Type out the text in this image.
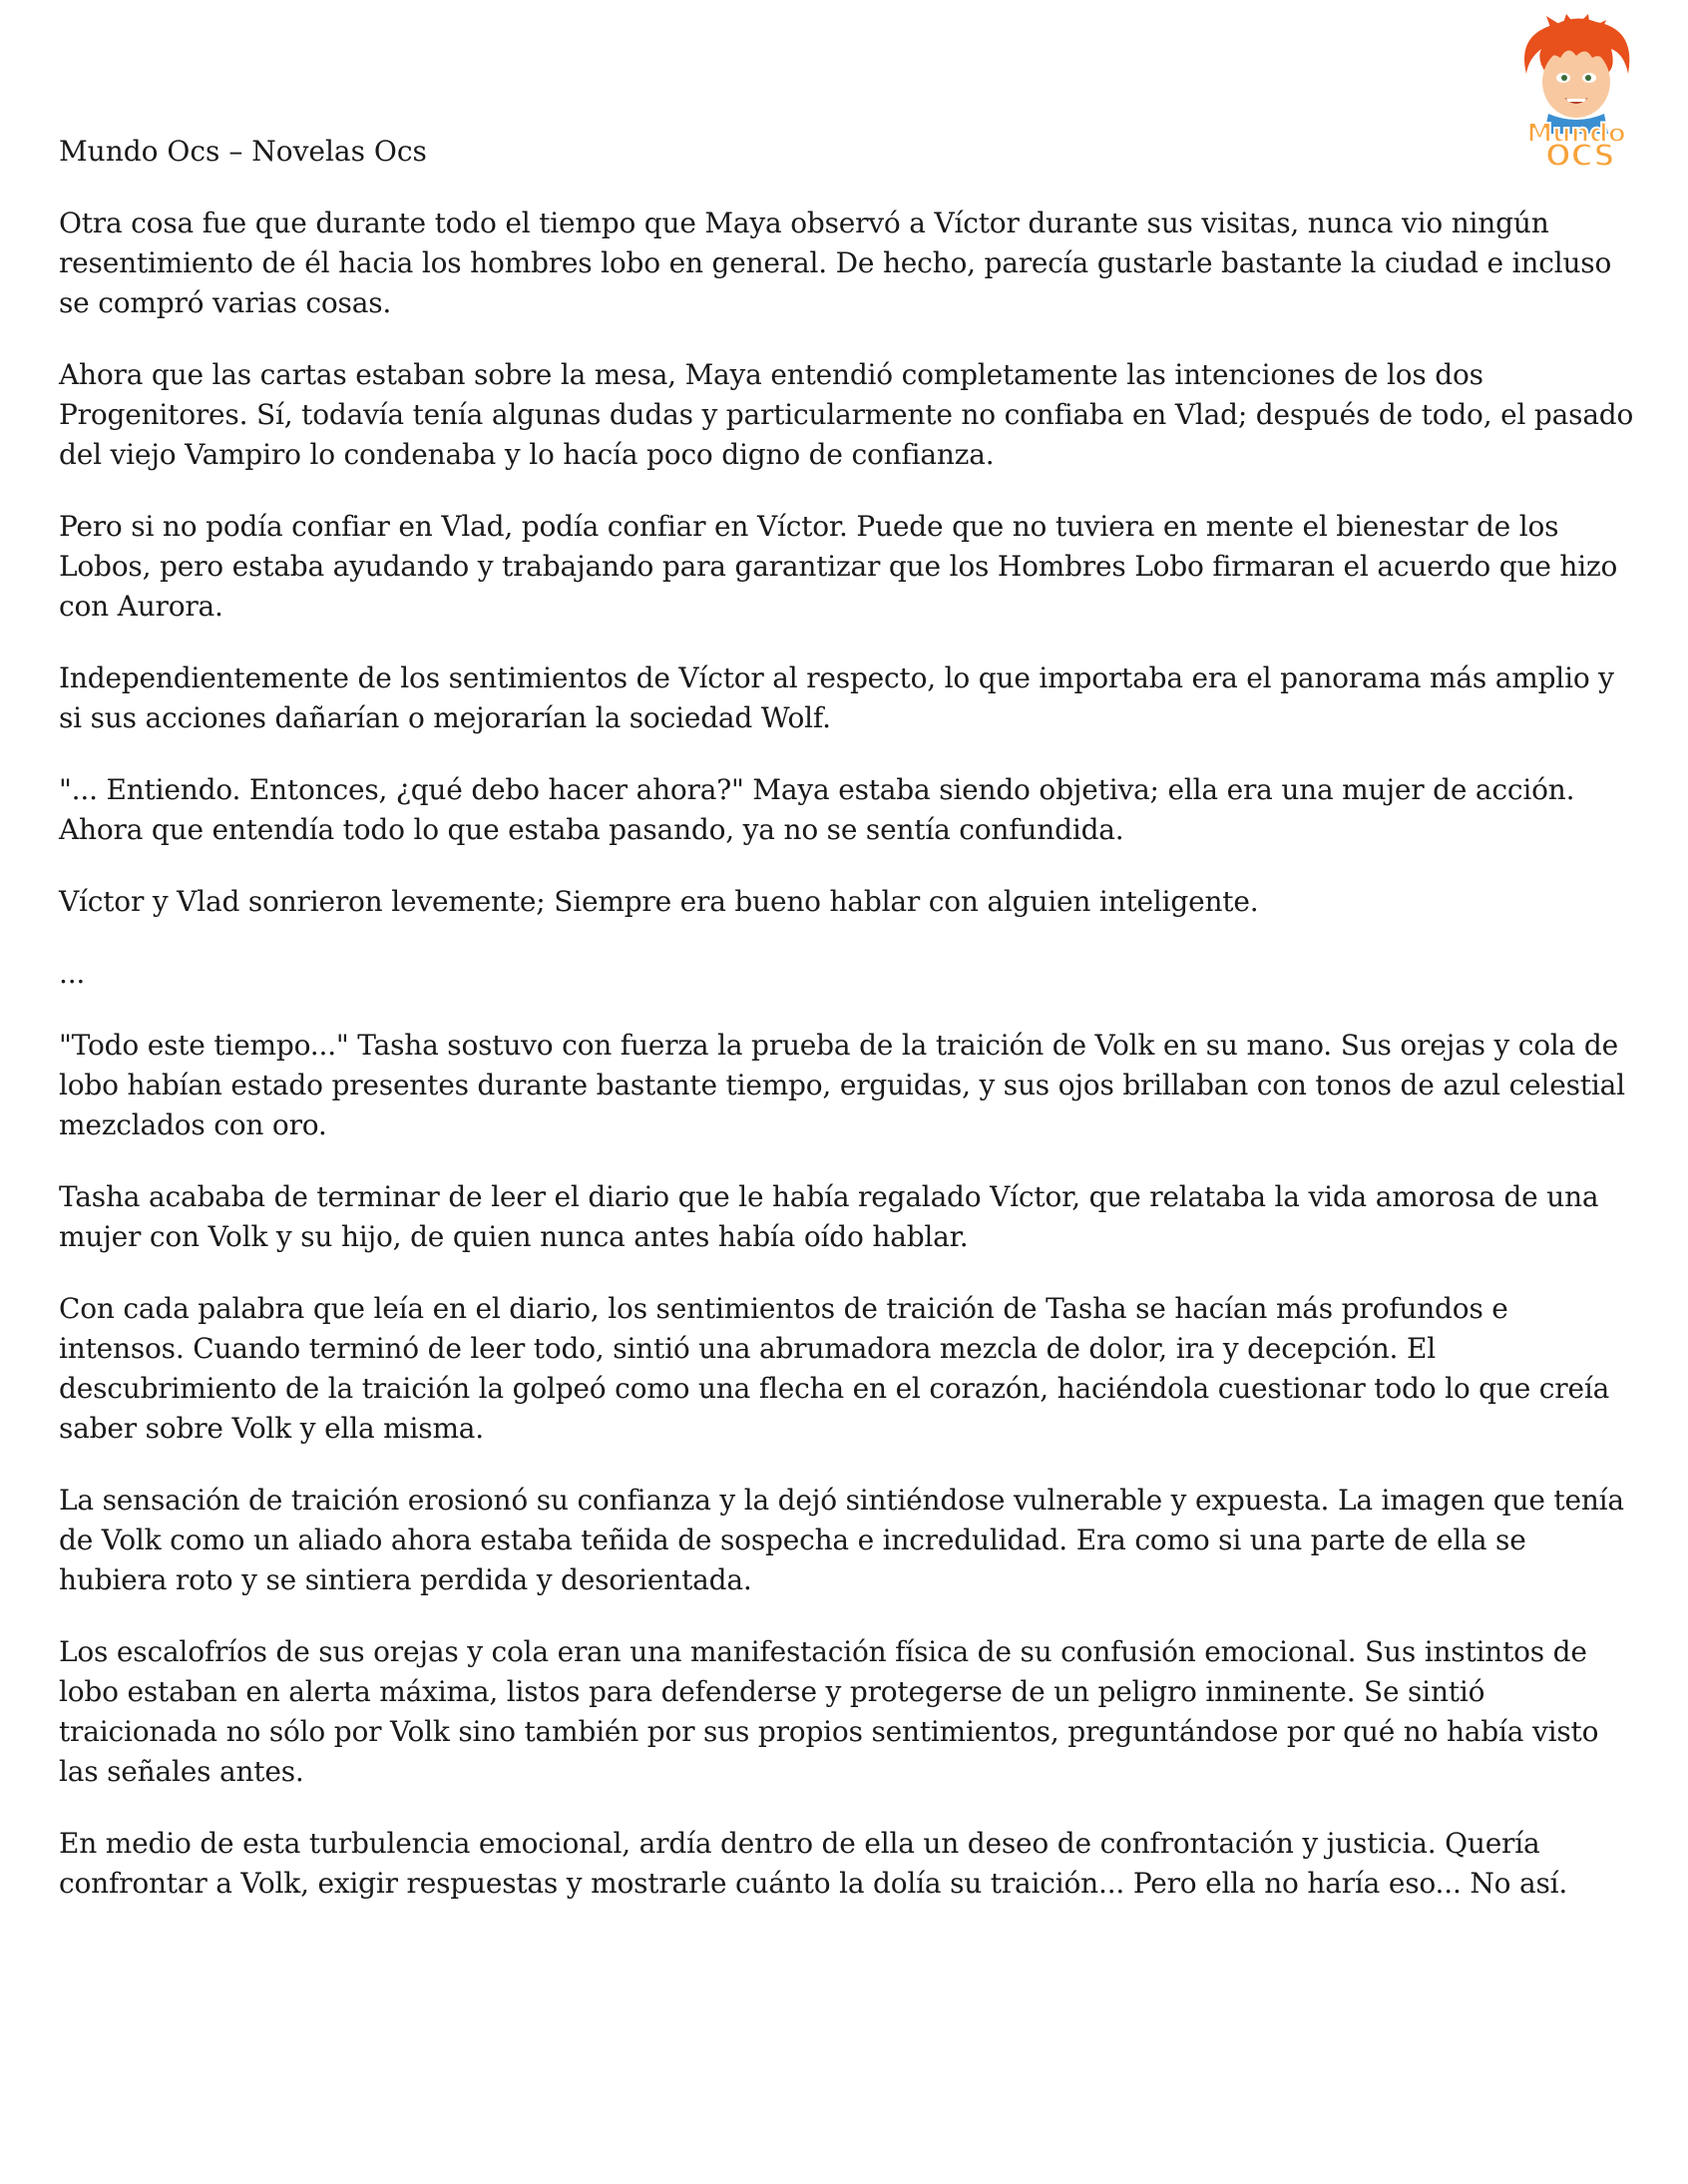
Mundo Ocs – Novelas Ocs
Mundo
OCS

Otra cosa fue que durante todo el tiempo que Maya observó a Víctor durante sus visitas, nunca vio ningún resentimiento de él hacia los hombres lobo en general. De hecho, parecía gustarle bastante la ciudad e incluso se compró varias cosas.

Ahora que las cartas estaban sobre la mesa, Maya entendió completamente las intenciones de los dos Progenitores. Sí, todavía tenía algunas dudas y particularmente no confiaba en Vlad; después de todo, el pasado del viejo Vampiro lo condenaba y lo hacía poco digno de confianza.

Pero si no podía confiar en Vlad, podía confiar en Víctor. Puede que no tuviera en mente el bienestar de los Lobos, pero estaba ayudando y trabajando para garantizar que los Hombres Lobo firmaran el acuerdo que hizo con Aurora.

Independientemente de los sentimientos de Víctor al respecto, lo que importaba era el panorama más amplio y si sus acciones dañarían o mejorarían la sociedad Wolf.

"... Entiendo. Entonces, ¿qué debo hacer ahora?" Maya estaba siendo objetiva; ella era una mujer de acción. Ahora que entendía todo lo que estaba pasando, ya no se sentía confundida.

Víctor y Vlad sonrieron levemente; Siempre era bueno hablar con alguien inteligente.

...

"Todo este tiempo..." Tasha sostuvo con fuerza la prueba de la traición de Volk en su mano. Sus orejas y cola de lobo habían estado presentes durante bastante tiempo, erguidas, y sus ojos brillaban con tonos de azul celestial mezclados con oro.

Tasha acababa de terminar de leer el diario que le había regalado Víctor, que relataba la vida amorosa de una mujer con Volk y su hijo, de quien nunca antes había oído hablar.

Con cada palabra que leía en el diario, los sentimientos de traición de Tasha se hacían más profundos e intensos. Cuando terminó de leer todo, sintió una abrumadora mezcla de dolor, ira y decepción. El descubrimiento de la traición la golpeó como una flecha en el corazón, haciéndola cuestionar todo lo que creía saber sobre Volk y ella misma.

La sensación de traición erosionó su confianza y la dejó sintiéndose vulnerable y expuesta. La imagen que tenía de Volk como un aliado ahora estaba teñida de sospecha e incredulidad. Era como si una parte de ella se hubiera roto y se sintiera perdida y desorientada.

Los escalofríos de sus orejas y cola eran una manifestación física de su confusión emocional. Sus instintos de lobo estaban en alerta máxima, listos para defenderse y protegerse de un peligro inminente. Se sintió traicionada no sólo por Volk sino también por sus propios sentimientos, preguntándose por qué no había visto las señales antes.

En medio de esta turbulencia emocional, ardía dentro de ella un deseo de confrontación y justicia. Quería confrontar a Volk, exigir respuestas y mostrarle cuánto la dolía su traición... Pero ella no haría eso... No así.
